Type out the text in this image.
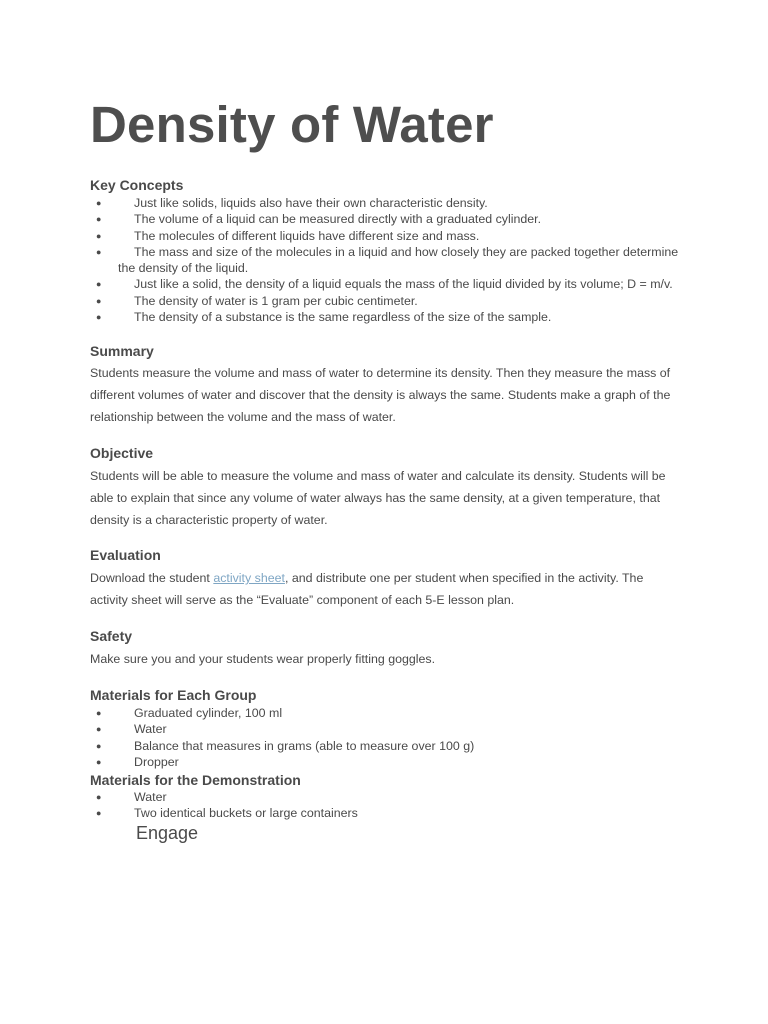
Density of Water
Key Concepts
●	Just like solids, liquids also have their own characteristic density.
●	The volume of a liquid can be measured directly with a graduated cylinder.
●	The molecules of different liquids have different size and mass.
●	The mass and size of the molecules in a liquid and how closely they are packed together determine the density of the liquid.
●	Just like a solid, the density of a liquid equals the mass of the liquid divided by its volume; D = m/v.
●	The density of water is 1 gram per cubic centimeter.
●	The density of a substance is the same regardless of the size of the sample.
Summary

Students measure the volume and mass of water to determine its density. Then they measure the mass of different volumes of water and discover that the density is always the same. Students make a graph of the relationship between the volume and the mass of water.

Objective

Students will be able to measure the volume and mass of water and calculate its density. Students will be able to explain that since any volume of water always has the same density, at a given temperature, that density is a characteristic property of water.

Evaluation

Download the student activity sheet, and distribute one per student when specified in the activity. The activity sheet will serve as the “Evaluate” component of each 5-E lesson plan.

Safety

Make sure you and your students wear properly fitting goggles.

Materials for Each Group
●	Graduated cylinder, 100 ml
●	Water
●	Balance that measures in grams (able to measure over 100 g)
●	Dropper
Materials for the Demonstration
●	Water
●	Two identical buckets or large containers
Engage
